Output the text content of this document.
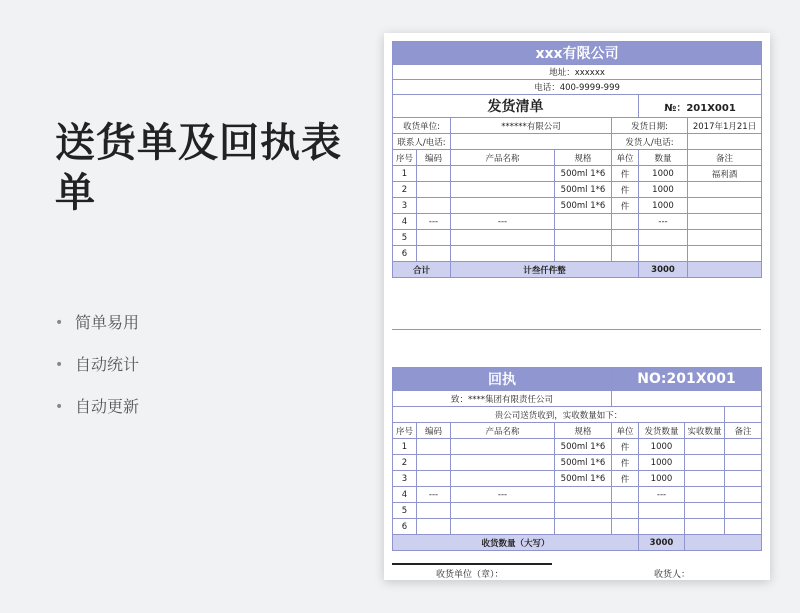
送货单及回执表单
• 简单易用
• 自动统计
• 自动更新
xxx有限公司						
地址：xxxxxx						
电话：400-9999-999						
发货清单					№：201X001	
收货单位:		******有限公司		发货日期:		2017年1月21日
联系人/电话:				发货人/电话:		
序号	编码	产品名称	规格	单位	数量	备注
1			500ml 1*6	件	1000	福利酒
2			500ml 1*6	件	1000	
3			500ml 1*6	件	1000	
4	---	---			---	
5						
6						
合计		计叁仟件整			3000	
回执				NO:201X001			
致：****集团有限责任公司							
贵公司送货收到，实收数量如下：							
序号	编码	产品名称	规格	单位	发货数量	实收数量	备注
1			500ml 1*6	件	1000		
2			500ml 1*6	件	1000		
3			500ml 1*6	件	1000		
4	---	---			---		
5							
6							
收货数量（大写）					3000		
收货单位（章）：	收货人：
